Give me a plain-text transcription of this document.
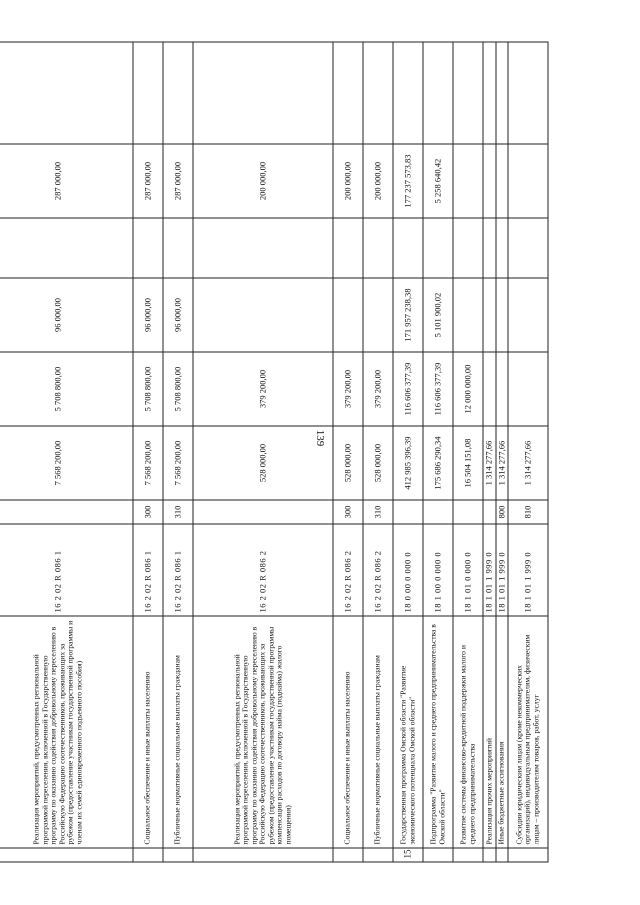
139

	Реализация мероприятий, предусмотренных региональной программой переселения, включенной в Государственную программу по оказанию содействия добровольному переселению в Российскую Федерацию соотечественников, проживающих за рубежом (предоставление участникам государственной программы и членам их семей единовременного подъемного пособия)	16 2 02 R 086 1		7 568 200,00	5 708 800,00	96 000,00		287 000,00	
	Социальное обеспечение и иные выплаты населению	16 2 02 R 086 1	300	7 568 200,00	5 708 800,00	96 000,00		287 000,00	
	Публичные нормативные социальные выплаты гражданам	16 2 02 R 086 1	310	7 568 200,00	5 708 800,00	96 000,00		287 000,00	
	Реализация мероприятий, предусмотренных региональной программой переселения, включенной в Государственную программу по оказанию содействия добровольному переселению в Российскую Федерацию соотечественников, проживающих за рубежом (предоставление участникам государственной программы компенсации расходов по договору найма (поднайма) жилого помещения)	16 2 02 R 086 2		528 000,00	379 200,00			200 000,00	
	Социальное обеспечение и иные выплаты населению	16 2 02 R 086 2	300	528 000,00	379 200,00			200 000,00	
	Публичные нормативные социальные выплаты гражданам	16 2 02 R 086 2	310	528 000,00	379 200,00			200 000,00	
15	Государственная программа Омской области "Развитие экономического потенциала Омской области"	18 0 00 0 000 0		412 985 396,39	116 606 377,39	171 957 238,38		177 237 573,83	
	Подпрограмма "Развитие малого и среднего предпринимательства в Омской области"	18 1 00 0 000 0		175 686 290,34	116 606 377,39	5 101 900,02		5 258 640,42	
	Развитие системы финансово-кредитной поддержки малого и среднего предпринимательства	18 1 01 0 000 0		16 504 151,08	12 000 000,00				
	Реализация прочих мероприятий	18 1 01 1 999 0		1 314 277,66					
	Иные бюджетные ассигнования	18 1 01 1 999 0	800	1 314 277,66					
	Субсидии юридическим лицам (кроме некоммерческих организаций), индивидуальным предпринимателям, физическим лицам – производителям товаров, работ, услуг	18 1 01 1 999 0	810	1 314 277,66					
